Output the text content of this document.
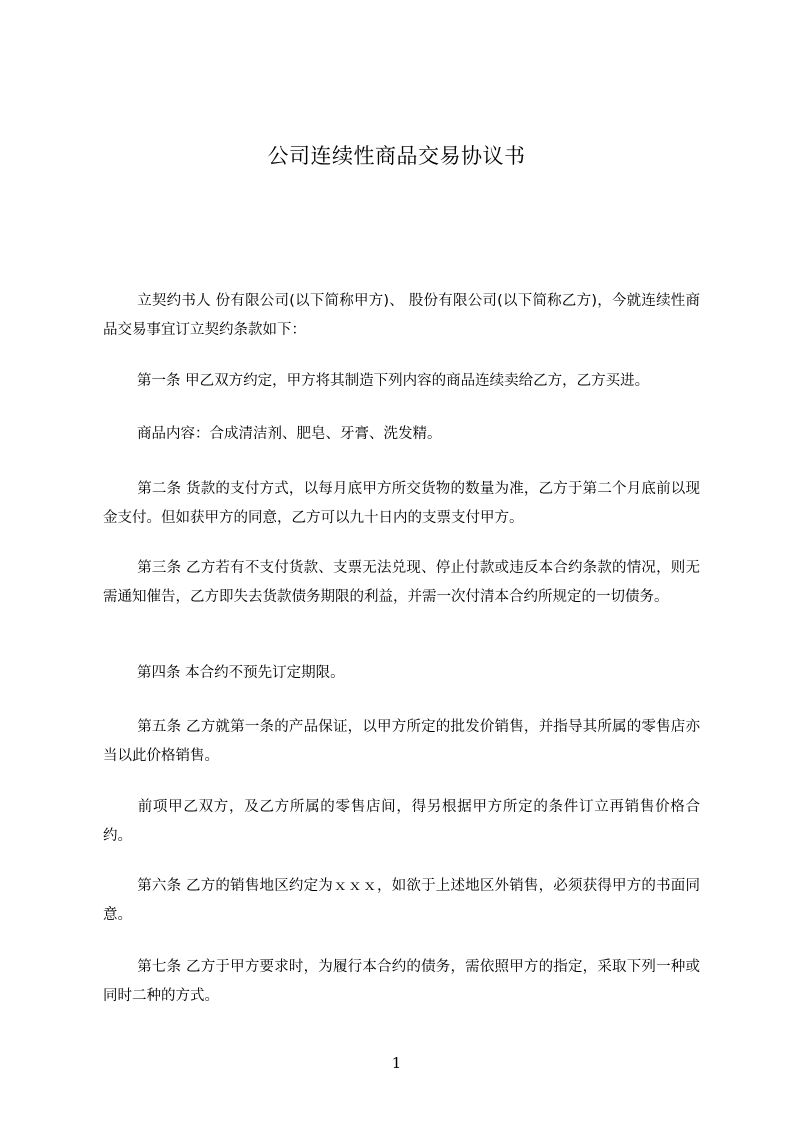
公司连续性商品交易协议书

立契约书人 份有限公司(以下简称甲方)、 股份有限公司(以下简称乙方)，今就连续性商品交易事宜订立契约条款如下：

第一条 甲乙双方约定，甲方将其制造下列内容的商品连续卖给乙方，乙方买进。

商品内容：合成清洁剂、肥皂、牙膏、洗发精。

第二条 货款的支付方式，以每月底甲方所交货物的数量为准，乙方于第二个月底前以现金支付。但如获甲方的同意，乙方可以九十日内的支票支付甲方。

第三条 乙方若有不支付货款、支票无法兑现、停止付款或违反本合约条款的情况，则无需通知催告，乙方即失去货款债务期限的利益，并需一次付清本合约所规定的一切债务。

第四条 本合约不预先订定期限。

第五条 乙方就第一条的产品保证，以甲方所定的批发价销售，并指导其所属的零售店亦当以此价格销售。

前项甲乙双方，及乙方所属的零售店间，得另根据甲方所定的条件订立再销售价格合约。

第六条 乙方的销售地区约定为ｘｘｘ，如欲于上述地区外销售，必须获得甲方的书面同意。

第七条 乙方于甲方要求时，为履行本合约的债务，需依照甲方的指定，采取下列一种或同时二种的方式。

1
